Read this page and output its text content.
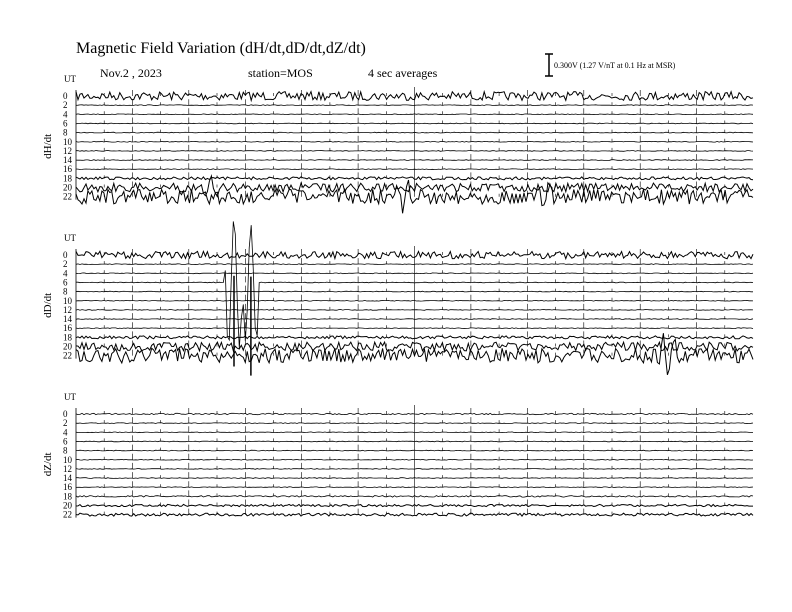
Magnetic Field Variation (dH/dt,dD/dt,dZ/dt)
Nov.2 , 2023	station=MOS	4 sec averages
0.300V (1.27 V/nT at 0.1 Hz at MSR)
UT
dH/dt
0
2
4
6
8
10
12
14
16
18
20
22
UT
dD/dt
0
2
4
6
8
10
12
14
16
18
20
22
UT
dZ/dt
0
2
4
6
8
10
12
14
16
18
20
22
